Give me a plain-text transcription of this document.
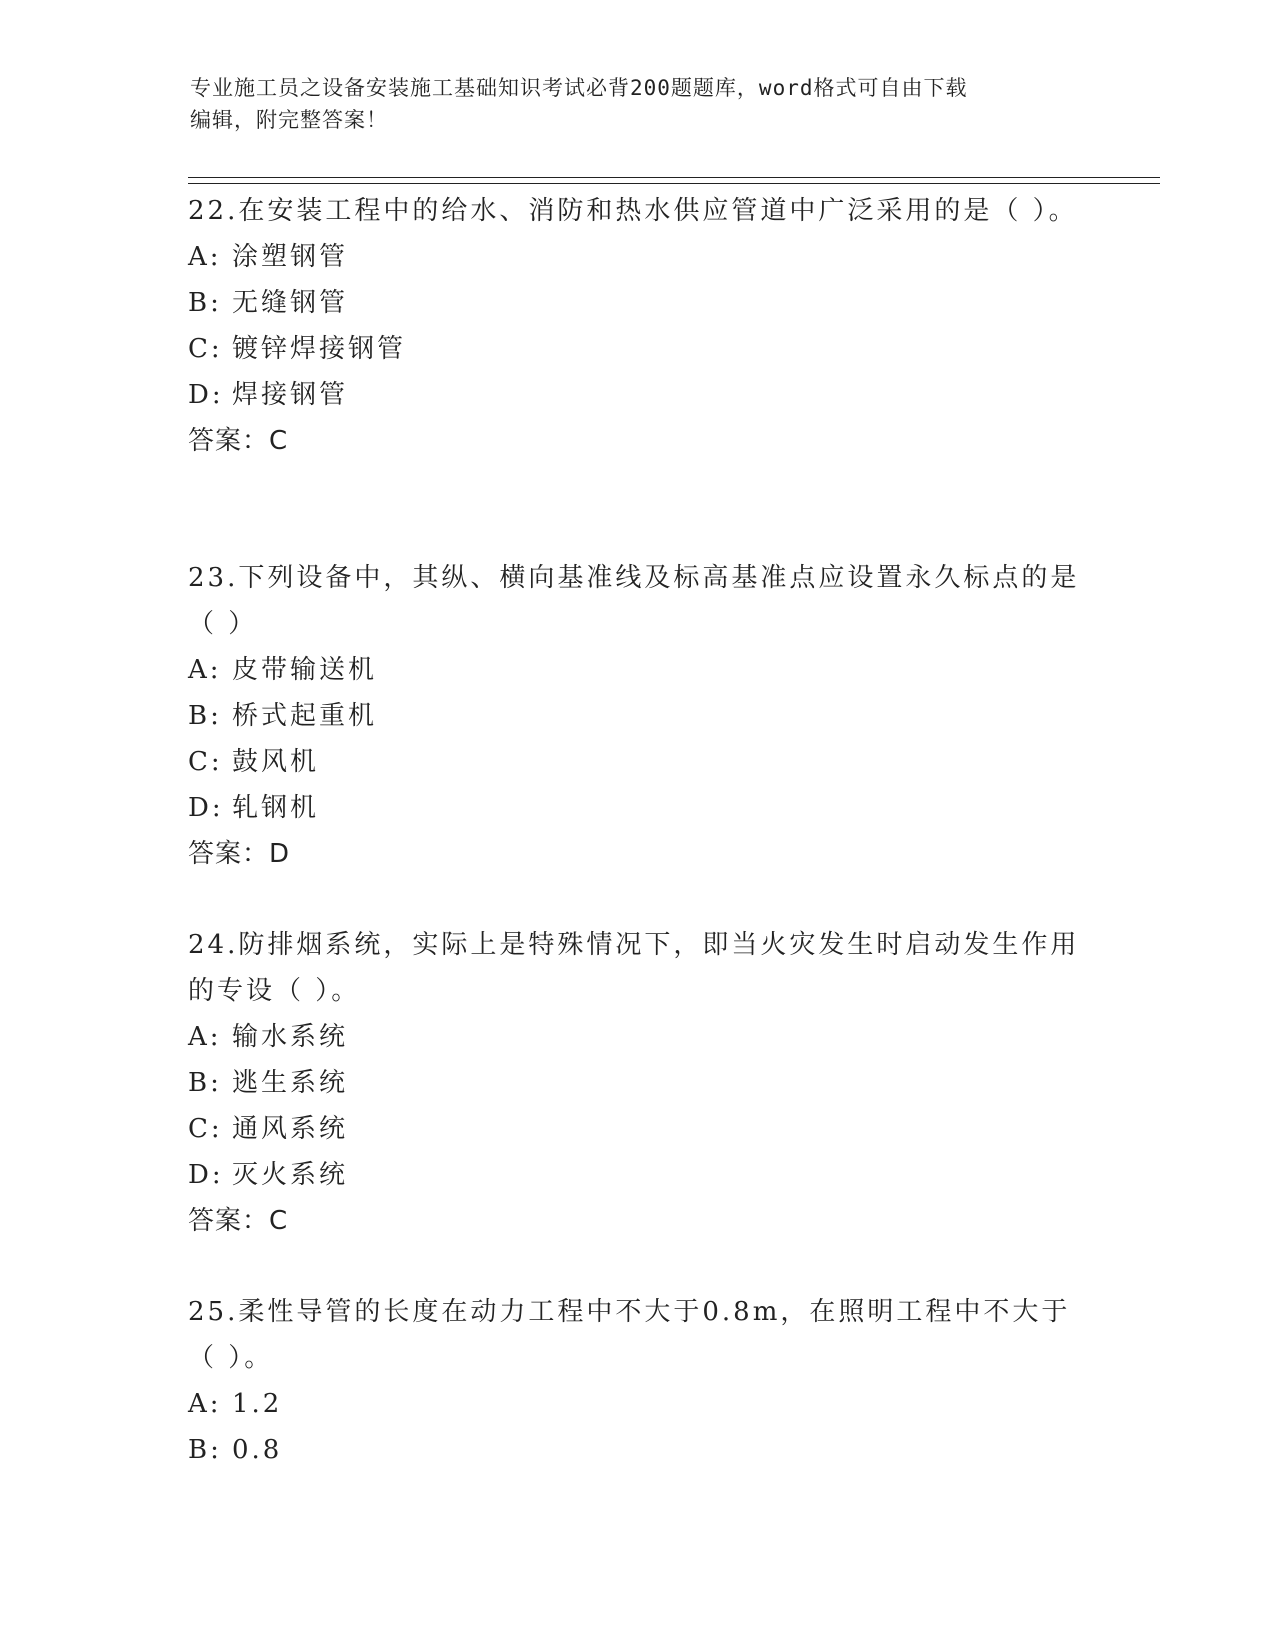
专业施工员之设备安装施工基础知识考试必背200题题库，word格式可自由下载
编辑，附完整答案！
22.在安装工程中的给水、消防和热水供应管道中广泛采用的是（ ）。
A: 涂塑钢管
B: 无缝钢管
C: 镀锌焊接钢管
D: 焊接钢管
答案：C
23.下列设备中，其纵、横向基准线及标高基准点应设置永久标点的是（ ）
A: 皮带输送机
B: 桥式起重机
C: 鼓风机
D: 轧钢机
答案：D
24.防排烟系统，实际上是特殊情况下，即当火灾发生时启动发生作用的专设（ ）。
A: 输水系统
B: 逃生系统
C: 通风系统
D: 灭火系统
答案：C
25.柔性导管的长度在动力工程中不大于0.8m，在照明工程中不大于（ ）。
A: 1.2
B: 0.8
